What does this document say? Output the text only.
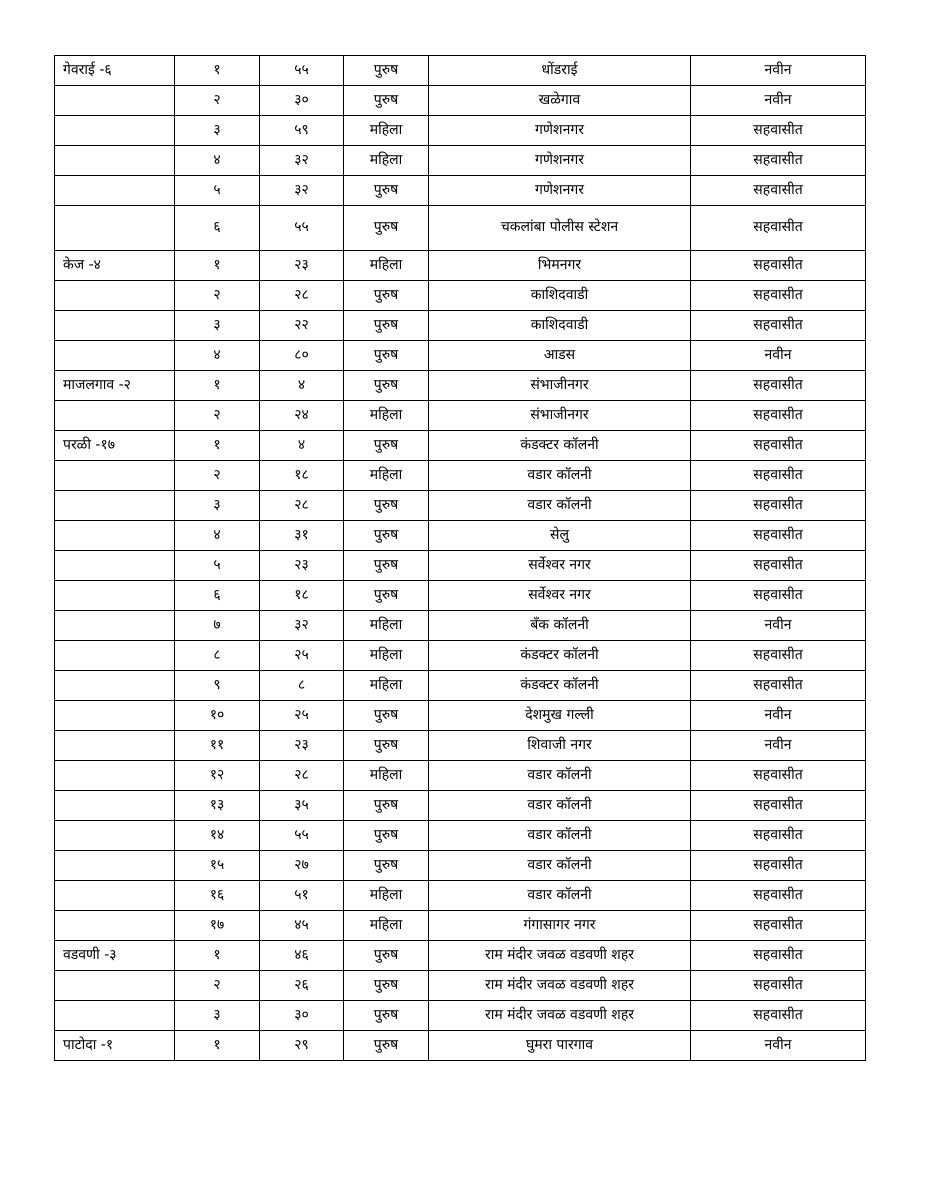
गेवराई -६	१	५५	पुरुष	धोंडराई	नवीन
	२	३०	पुरुष	खळेगाव	नवीन
	३	५९	महिला	गणेशनगर	सहवासीत
	४	३२	महिला	गणेशनगर	सहवासीत
	५	३२	पुरुष	गणेशनगर	सहवासीत
	६	५५	पुरुष	चकलांबा पोलीस स्टेशन	सहवासीत
केज -४	१	२३	महिला	भिमनगर	सहवासीत
	२	२८	पुरुष	काशिदवाडी	सहवासीत
	३	२२	पुरुष	काशिदवाडी	सहवासीत
	४	८०	पुरुष	आडस	नवीन
माजलगाव -२	१	४	पुरुष	संभाजीनगर	सहवासीत
	२	२४	महिला	संभाजीनगर	सहवासीत
परळी -१७	१	४	पुरुष	कंडक्टर कॉलनी	सहवासीत
	२	१८	महिला	वडार कॉलनी	सहवासीत
	३	२८	पुरुष	वडार कॉलनी	सहवासीत
	४	३१	पुरुष	सेलु	सहवासीत
	५	२३	पुरुष	सर्वेश्वर नगर	सहवासीत
	६	१८	पुरुष	सर्वेश्वर नगर	सहवासीत
	७	३२	महिला	बॅंक कॉलनी	नवीन
	८	२५	महिला	कंडक्टर कॉलनी	सहवासीत
	९	८	महिला	कंडक्टर कॉलनी	सहवासीत
	१०	२५	पुरुष	देशमुख गल्ली	नवीन
	११	२३	पुरुष	शिवाजी नगर	नवीन
	१२	२८	महिला	वडार कॉलनी	सहवासीत
	१३	३५	पुरुष	वडार कॉलनी	सहवासीत
	१४	५५	पुरुष	वडार कॉलनी	सहवासीत
	१५	२७	पुरुष	वडार कॉलनी	सहवासीत
	१६	५१	महिला	वडार कॉलनी	सहवासीत
	१७	४५	महिला	गंगासागर नगर	सहवासीत
वडवणी -३	१	४६	पुरुष	राम मंदीर जवळ वडवणी शहर	सहवासीत
	२	२६	पुरुष	राम मंदीर जवळ वडवणी शहर	सहवासीत
	३	३०	पुरुष	राम मंदीर जवळ वडवणी शहर	सहवासीत
पाटोदा -१	१	२९	पुरुष	घुमरा पारगाव	नवीन
